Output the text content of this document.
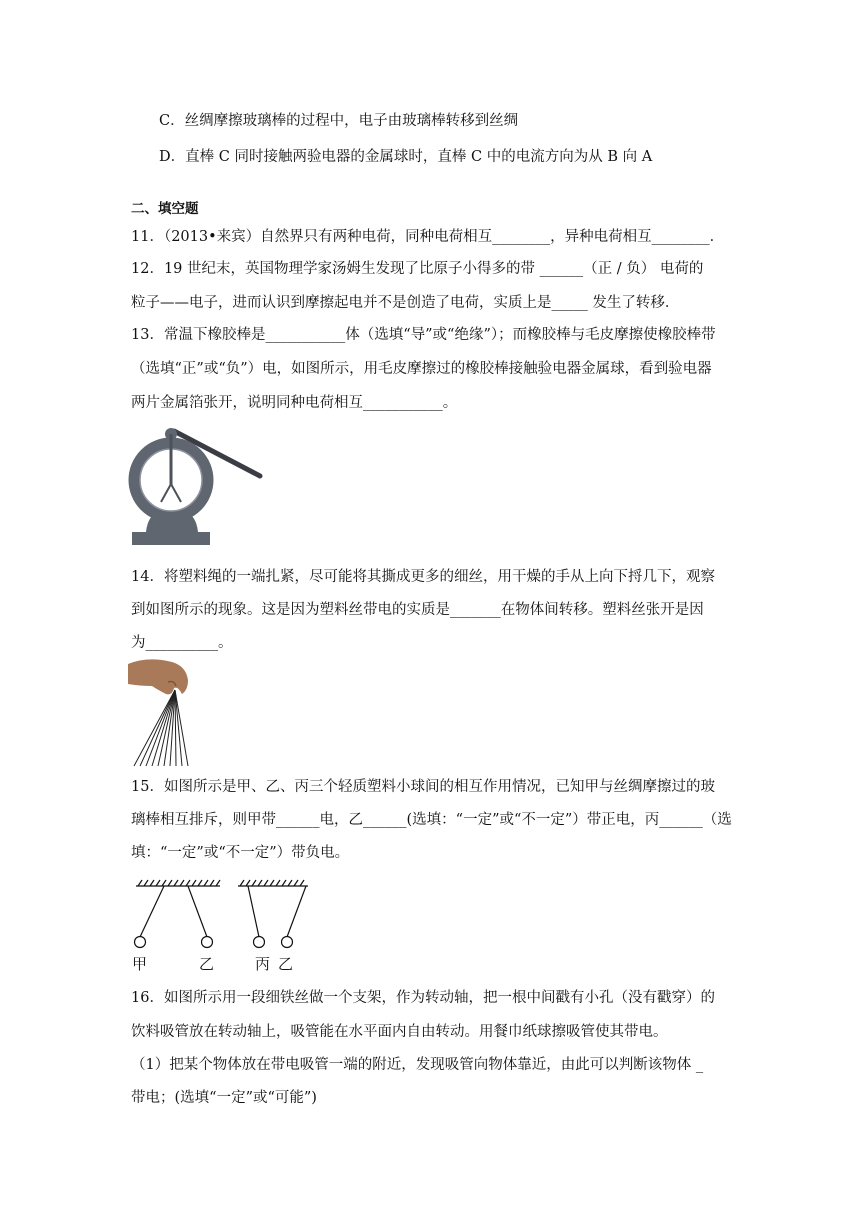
C．丝绸摩擦玻璃棒的过程中，电子由玻璃棒转移到丝绸
D．直棒 C 同时接触两验电器的金属球时，直棒 C 中的电流方向为从 B 向 A
二、填空题
11．（2013•来宾）自然界只有两种电荷，同种电荷相互________，异种电荷相互________．
12．19 世纪末，英国物理学家汤姆生发现了比原子小得多的带 ______（正 / 负） 电荷的
粒子——电子，进而认识到摩擦起电并不是创造了电荷，实质上是_____ 发生了转移．
13．常温下橡胶棒是___________体（选填“导”或“绝缘”）；而橡胶棒与毛皮摩擦使橡胶棒带
（选填“正”或“负”）电，如图所示，用毛皮摩擦过的橡胶棒接触验电器金属球，看到验电器
两片金属箔张开，说明同种电荷相互___________。
14．将塑料绳的一端扎紧，尽可能将其撕成更多的细丝，用干燥的手从上向下捋几下，观察
到如图所示的现象。这是因为塑料丝带电的实质是_______在物体间转移。塑料丝张开是因
为__________。
15．如图所示是甲、乙、丙三个轻质塑料小球间的相互作用情况，已知甲与丝绸摩擦过的玻
璃棒相互排斥，则甲带______电，乙______(选填：“一定”或“不一定”）带正电，丙______（选
填：“一定”或“不一定”）带负电。
甲	乙	丙 乙
16．如图所示用一段细铁丝做一个支架，作为转动轴，把一根中间戳有小孔（没有戳穿）的
饮料吸管放在转动轴上，吸管能在水平面内自由转动。用餐巾纸球擦吸管使其带电。
（1）把某个物体放在带电吸管一端的附近，发现吸管向物体靠近，由此可以判断该物体 _
带电；(选填“一定”或“可能”)
